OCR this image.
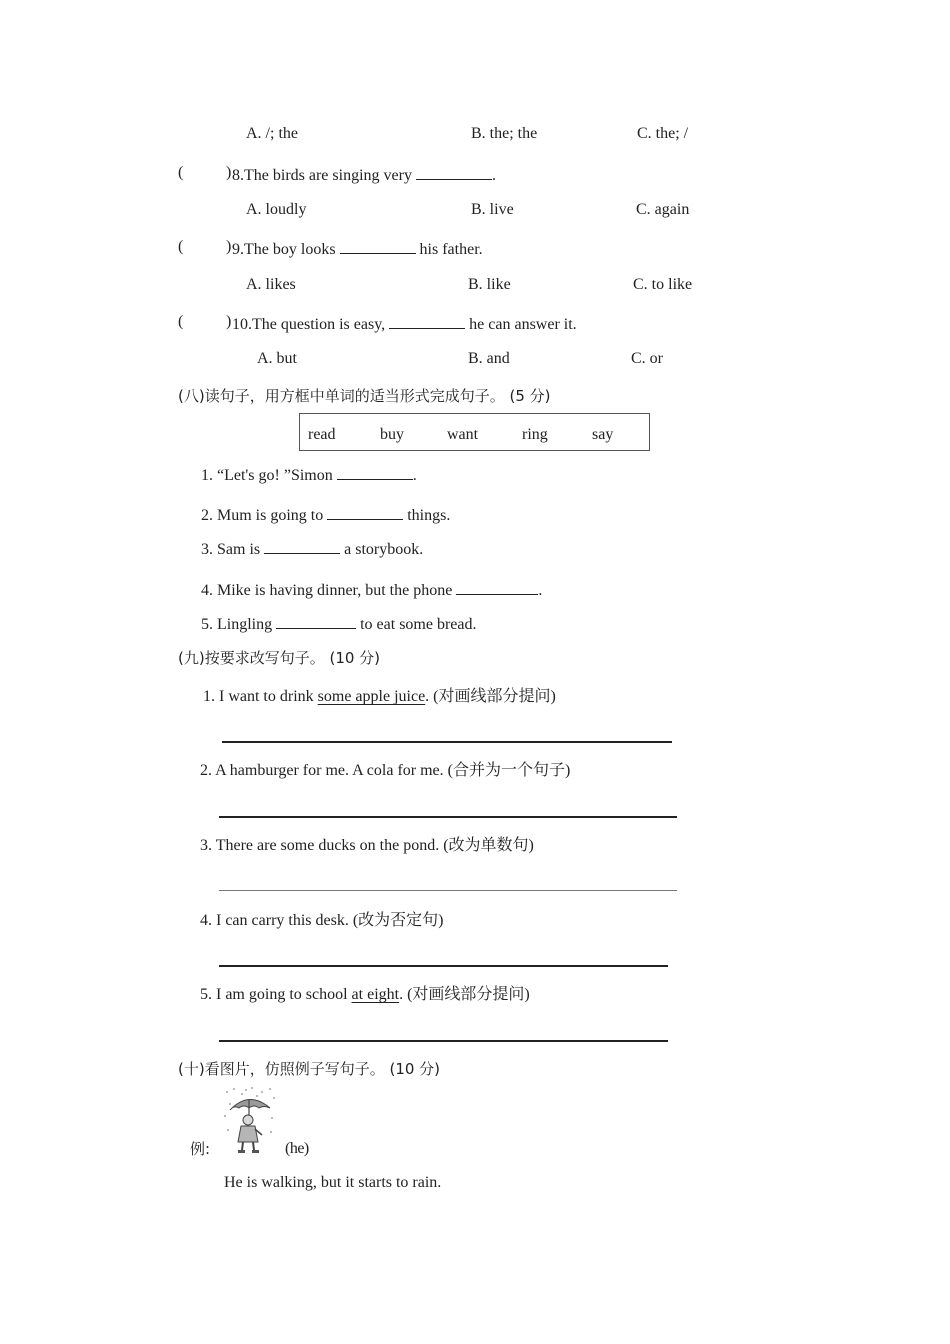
A. /; the	B. the; the	C. the; /
(	) 8.The birds are singing very	.
A. loudly	B. live	C. again
(	) 9.The boy looks	his father.
A. likes	B. like	C. to like
(	) 10.The question is easy,	he can answer it.
A. but	B. and	C. or
(八)读句子，用方框中单词的适当形式完成句子。 (5 分)
read	buy	want	ring	say
1. “Let's go! ”Simon	.
2. Mum is going to	things.
3. Sam is	a storybook.
4. Mike is having dinner, but the phone	.
5. Lingling	to eat some bread.
(九)按要求改写句子。 (10 分)
1. I want to drink some apple juice. (对画线部分提问)
2. A hamburger for me. A cola for me. (合并为一个句子)
3. There are some ducks on the pond. (改为单数句)
4. I can carry this desk. (改为否定句)
5. I am going to school at eight. (对画线部分提问)
(十)看图片，仿照例子写句子。 (10 分)
例:	(he)
He is walking, but it starts to rain.
